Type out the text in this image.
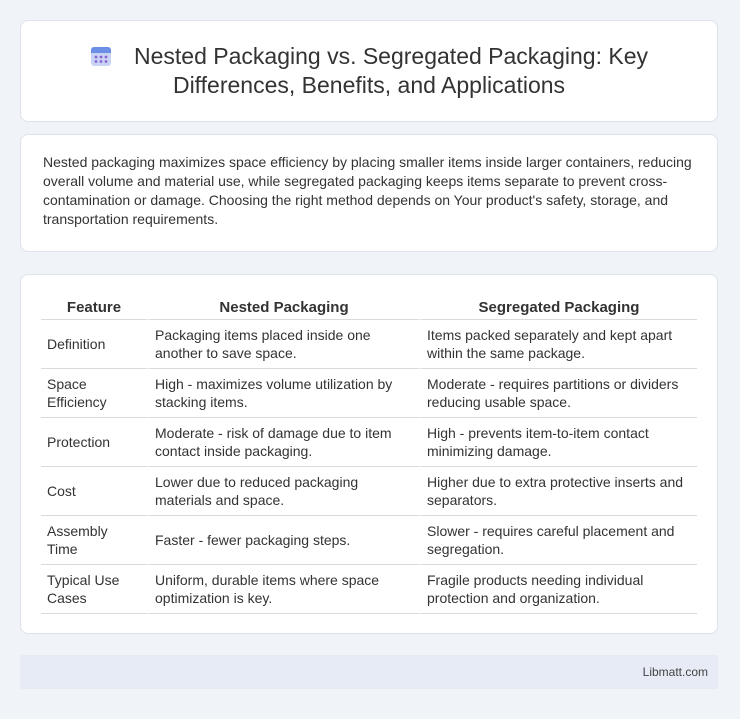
Nested Packaging vs. Segregated Packaging: Key Differences, Benefits, and Applications
Nested packaging maximizes space efficiency by placing smaller items inside larger containers, reducing overall volume and material use, while segregated packaging keeps items separate to prevent cross-contamination or damage. Choosing the right method depends on Your product's safety, storage, and transportation requirements.
Feature	Nested Packaging	Segregated Packaging
Definition	Packaging items placed inside one another to save space.	Items packed separately and kept apart within the same package.
Space Efficiency	High - maximizes volume utilization by stacking items.	Moderate - requires partitions or dividers reducing usable space.
Protection	Moderate - risk of damage due to item contact inside packaging.	High - prevents item-to-item contact minimizing damage.
Cost	Lower due to reduced packaging materials and space.	Higher due to extra protective inserts and separators.
Assembly Time	Faster - fewer packaging steps.	Slower - requires careful placement and segregation.
Typical Use Cases	Uniform, durable items where space optimization is key.	Fragile products needing individual protection and organization.
Libmatt.com
